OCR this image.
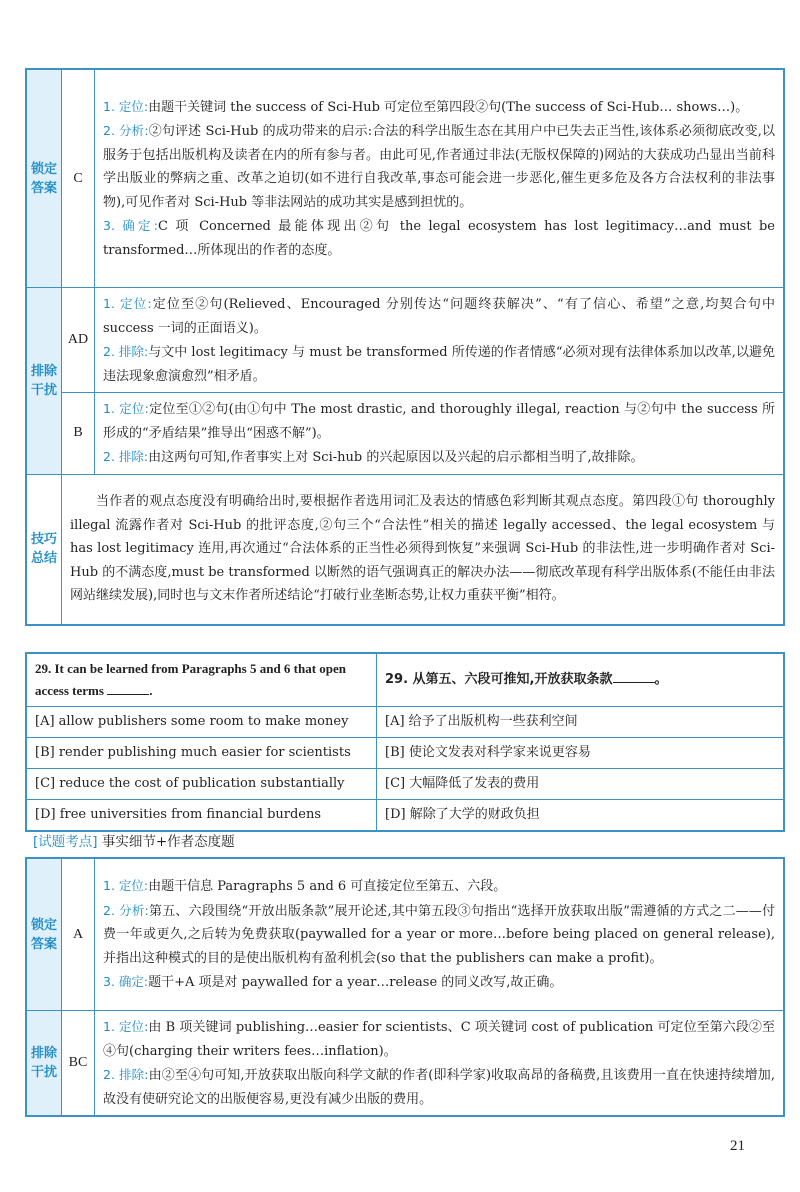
锁定答案	C	1. 定位:由题干关键词 the success of Sci-Hub 可定位至第四段②句(The success of Sci-Hub… shows…)。

2. 分析:②句评述 Sci-Hub 的成功带来的启示:合法的科学出版生态在其用户中已失去正当性,该体系必须彻底改变,以服务于包括出版机构及读者在内的所有参与者。由此可见,作者通过非法(无版权保障的)网站的大获成功凸显出当前科学出版业的弊病之重、改革之迫切(如不进行自我改革,事态可能会进一步恶化,催生更多危及各方合法权利的非法事物),可见作者对 Sci-Hub 等非法网站的成功其实是感到担忧的。

3. 确定:C 项 Concerned 最能体现出②句 the legal ecosystem has lost legitimacy…and must be transformed…所体现出的作者的态度。

排除干扰	AD	1. 定位:定位至②句(Relieved、Encouraged 分别传达“问题终获解决”、“有了信心、希望”之意,均契合句中 success 一词的正面语义)。

2. 排除:与文中 lost legitimacy 与 must be transformed 所传递的作者情感“必须对现有法律体系加以改革,以避免违法现象愈演愈烈”相矛盾。

	B	1. 定位:定位至①②句(由①句中 The most drastic, and thoroughly illegal, reaction 与②句中 the success 所形成的“矛盾结果”推导出“困惑不解”)。

2. 排除:由这两句可知,作者事实上对 Sci-hub 的兴起原因以及兴起的启示都相当明了,故排除。

技巧总结	当作者的观点态度没有明确给出时,要根据作者选用词汇及表达的情感色彩判断其观点态度。第四段①句 thoroughly illegal 流露作者对 Sci-Hub 的批评态度,②句三个“合法性”相关的描述 legally accessed、the legal ecosystem 与 has lost legitimacy 连用,再次通过“合法体系的正当性必须得到恢复”来强调 Sci-Hub 的非法性,进一步明确作者对 Sci-Hub 的不满态度,must be transformed 以断然的语气强调真正的解决办法——彻底改革现有科学出版体系(不能任由非法网站继续发展),同时也与文末作者所述结论“打破行业垄断态势,让权力重获平衡”相符。	

29. It can be learned from Paragraphs 5 and 6 that open access terms .	29. 从第五、六段可推知,开放获取条款 。
[A] allow publishers some room to make money	[A] 给予了出版机构一些获利空间
[B] render publishing much easier for scientists	[B] 使论文发表对科学家来说更容易
[C] reduce the cost of publication substantially	[C] 大幅降低了发表的费用
[D] free universities from financial burdens	[D] 解除了大学的财政负担
[试题考点] 事实细节+作者态度题
锁定答案	A	1. 定位:由题干信息 Paragraphs 5 and 6 可直接定位至第五、六段。

2. 分析:第五、六段围绕“开放出版条款”展开论述,其中第五段③句指出“选择开放获取出版”需遵循的方式之二——付费一年或更久,之后转为免费获取(paywalled for a year or more…before being placed on general release),并指出这种模式的目的是使出版机构有盈利机会(so that the publishers can make a profit)。

3. 确定:题干+A 项是对 paywalled for a year…release 的同义改写,故正确。

排除干扰	BC	1. 定位:由 B 项关键词 publishing…easier for scientists、C 项关键词 cost of publication 可定位至第六段②至④句(charging their writers fees…inflation)。

2. 排除:由②至④句可知,开放获取出版向科学文献的作者(即科学家)收取高昂的备稿费,且该费用一直在快速持续增加,故没有使研究论文的出版便容易,更没有减少出版的费用。

21
